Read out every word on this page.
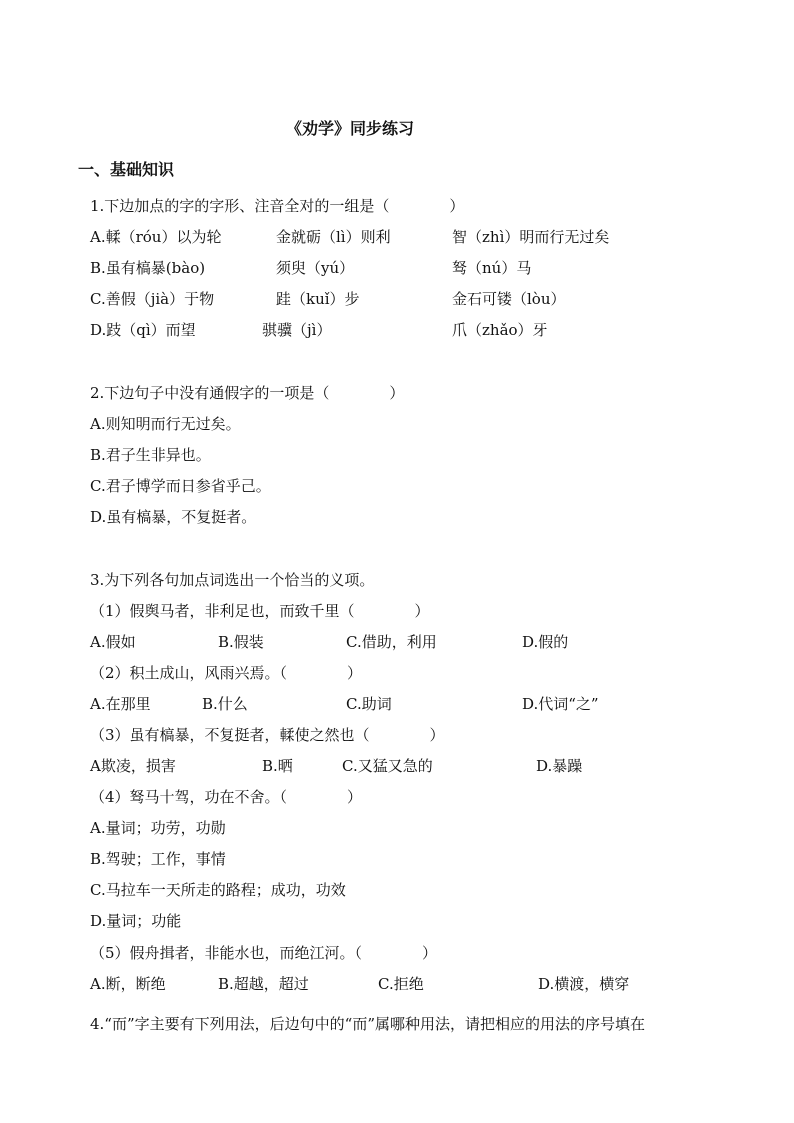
《劝学》同步练习
一、基础知识
1.下边加点的字的字形、注音全对的一组是（　　　　）
A.輮（róu）以为轮	金就砺（lì）则利	智（zhì）明而行无过矣
B.虽有槁暴(bào)	须臾（yú）	驽（nú）马
C.善假（jià）于物	跬（kuǐ）步	金石可镂（lòu）
D.跂（qì）而望	骐骥（jì）	爪（zhǎo）牙
2.下边句子中没有通假字的一项是（　　　　）
A.则知明而行无过矣。
B.君子生非异也。
C.君子博学而日参省乎己。
D.虽有槁暴，不复挺者。
3.为下列各句加点词选出一个恰当的义项。
（1）假舆马者，非利足也，而致千里（　　　　）
A.假如	B.假装	C.借助，利用	D.假的
（2）积土成山，风雨兴焉。（　　　　）
A.在那里	B.什么	C.助词	D.代词“之”
（3）虽有槁暴，不复挺者，輮使之然也（　　　　）
A欺凌，损害	B.晒	C.又猛又急的	D.暴躁
（4）驽马十驾，功在不舍。（　　　　）
A.量词；功劳，功勋
B.驾驶；工作，事情
C.马拉车一天所走的路程；成功，功效
D.量词；功能
（5）假舟揖者，非能水也，而绝江河。（　　　　）
A.断，断绝	B.超越，超过	C.拒绝	D.横渡，横穿
4.“而”字主要有下列用法，后边句中的“而”属哪种用法，请把相应的用法的序号填在
